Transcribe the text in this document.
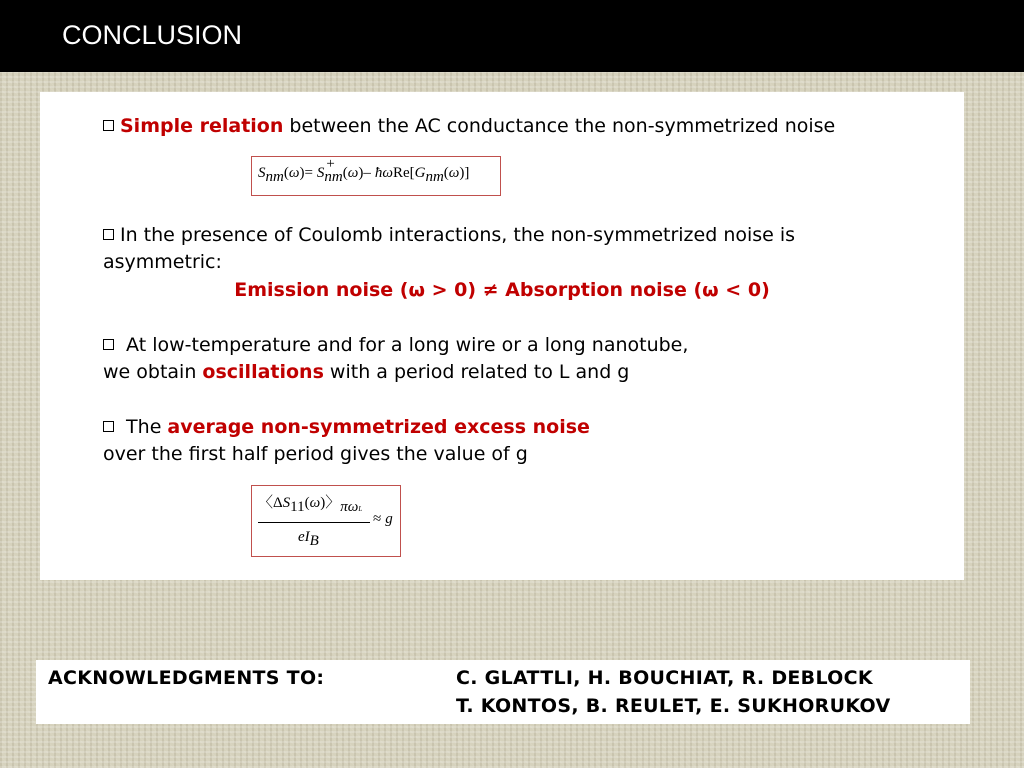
CONCLUSION
Simple relation between the AC conductance the non-symmetrized noise
Snm(ω)= S
+
nm(ω)– ħωRe[Gnm(ω)]
In the presence of Coulomb interactions, the non-symmetrized noise is
asymmetric:
Emission noise (ω > 0) ≠ Absorption noise (ω < 0)
At low-temperature and for a long wire or a long nanotube,
we obtain oscillations with a period related to L and g
The average non-symmetrized excess noise
over the first half period gives the value of g
〈ΔS11(ω)〉$_{\pi\omega L}$
≈ g
eIB
ACKNOWLEDGMENTS TO:	C. GLATTLI, H. BOUCHIAT, R. DEBLOCK
T. KONTOS, B. REULET, E. SUKHORUKOV
